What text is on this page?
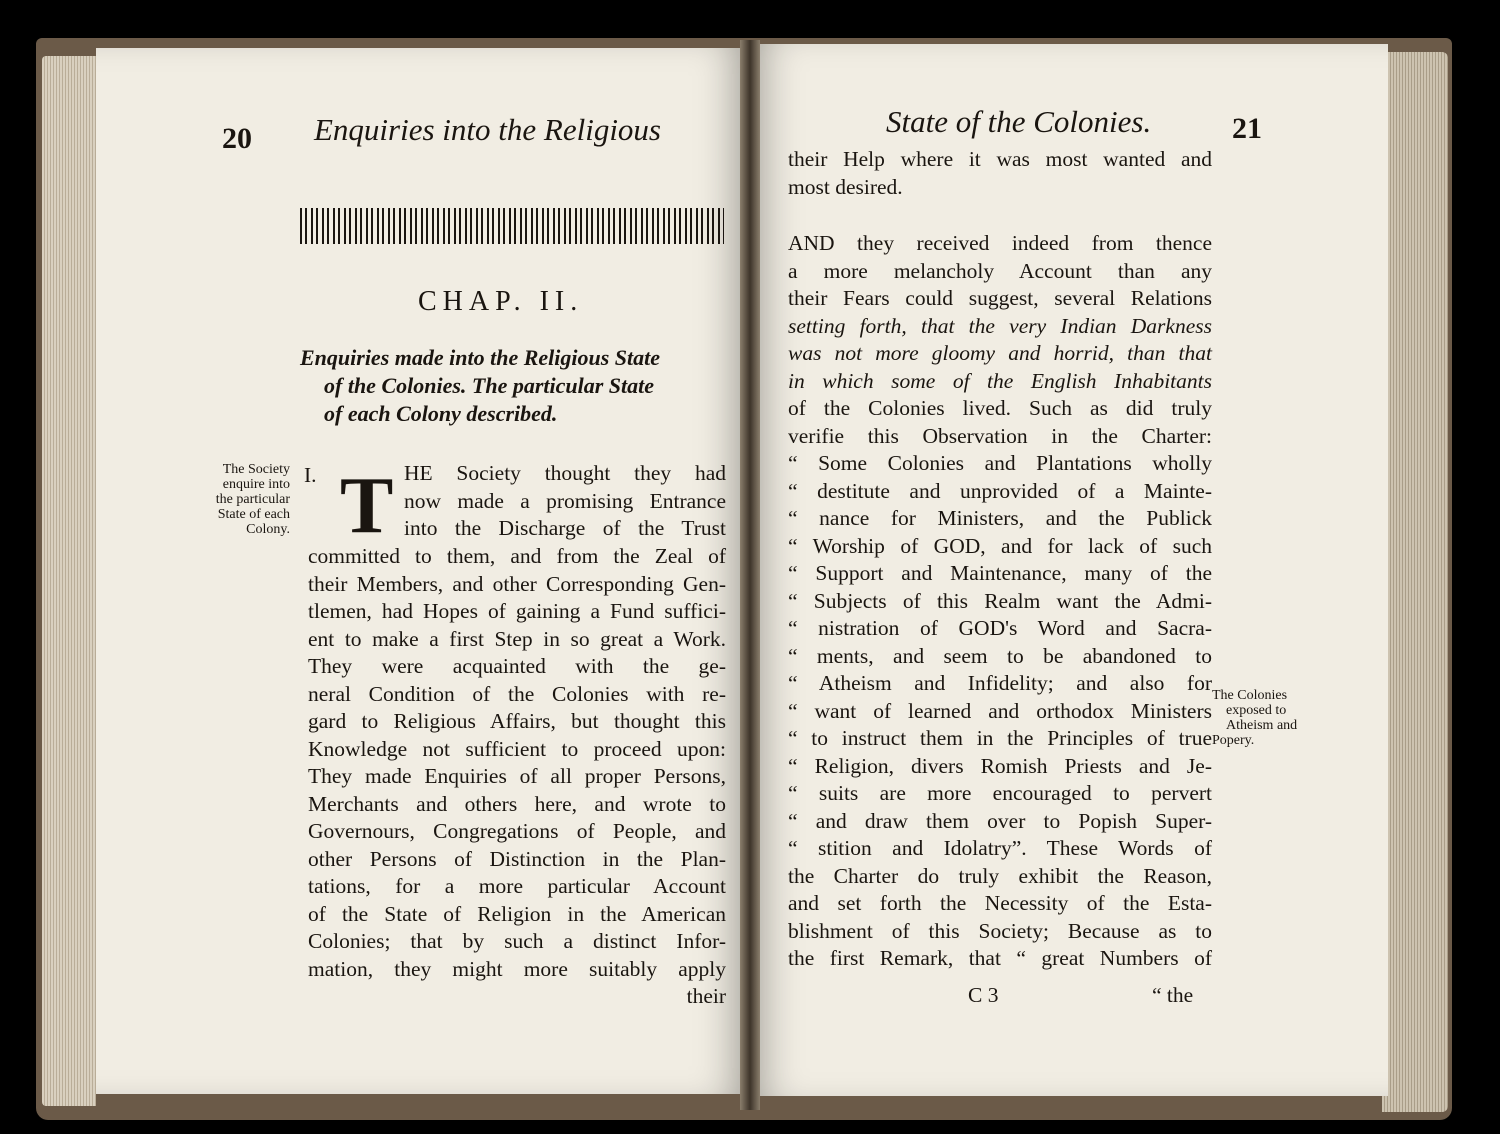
20 Enquiries into the Religious
CHAP. II.
Enquiries made into the Religious State
of the Colonies. The particular State
of each Colony described.
The Society
enquire into
the particular
State of each
Colony.
I. T HE Society thought they had
now made a promising Entrance
into the Discharge of the Trust
committed to them, and from the Zeal of
their Members, and other Corresponding Gen-
tlemen, had Hopes of gaining a Fund suffici-
ent to make a first Step in so great a Work.
They were acquainted with the ge-
neral Condition of the Colonies with re-
gard to Religious Affairs, but thought this
Knowledge not sufficient to proceed upon:
They made Enquiries of all proper Persons,
Merchants and others here, and wrote to
Governours, Congregations of People, and
other Persons of Distinction in the Plan-
tations, for a more particular Account
of the State of Religion in the American
Colonies; that by such a distinct Infor-
mation, they might more suitably apply
their
State of the Colonies.	21
their Help where it was most wanted and
most desired.
AND they received indeed from thence
a more melancholy Account than any
their Fears could suggest, several Relations
setting forth, that the very Indian Darkness
was not more gloomy and horrid, than that
in which some of the English Inhabitants
of the Colonies lived. Such as did truly
verifie this Observation in the Charter:
“ Some Colonies and Plantations wholly
“ destitute and unprovided of a Mainte-
“ nance for Ministers, and the Publick
“ Worship of GOD, and for lack of such
“ Support and Maintenance, many of the
“ Subjects of this Realm want the Admi-
“ nistration of GOD's Word and Sacra-
“ ments, and seem to be abandoned to
“ Atheism and Infidelity; and also for
“ want of learned and orthodox Ministers
“ to instruct them in the Principles of true
“ Religion, divers Romish Priests and Je-
“ suits are more encouraged to pervert
“ and draw them over to Popish Super-
“ stition and Idolatry”. These Words of
the Charter do truly exhibit the Reason,
and set forth the Necessity of the Esta-
blishment of this Society; Because as to
the first Remark, that “ great Numbers of
The Colonies
exposed to
Atheism and
Popery.
C 3	“ the
